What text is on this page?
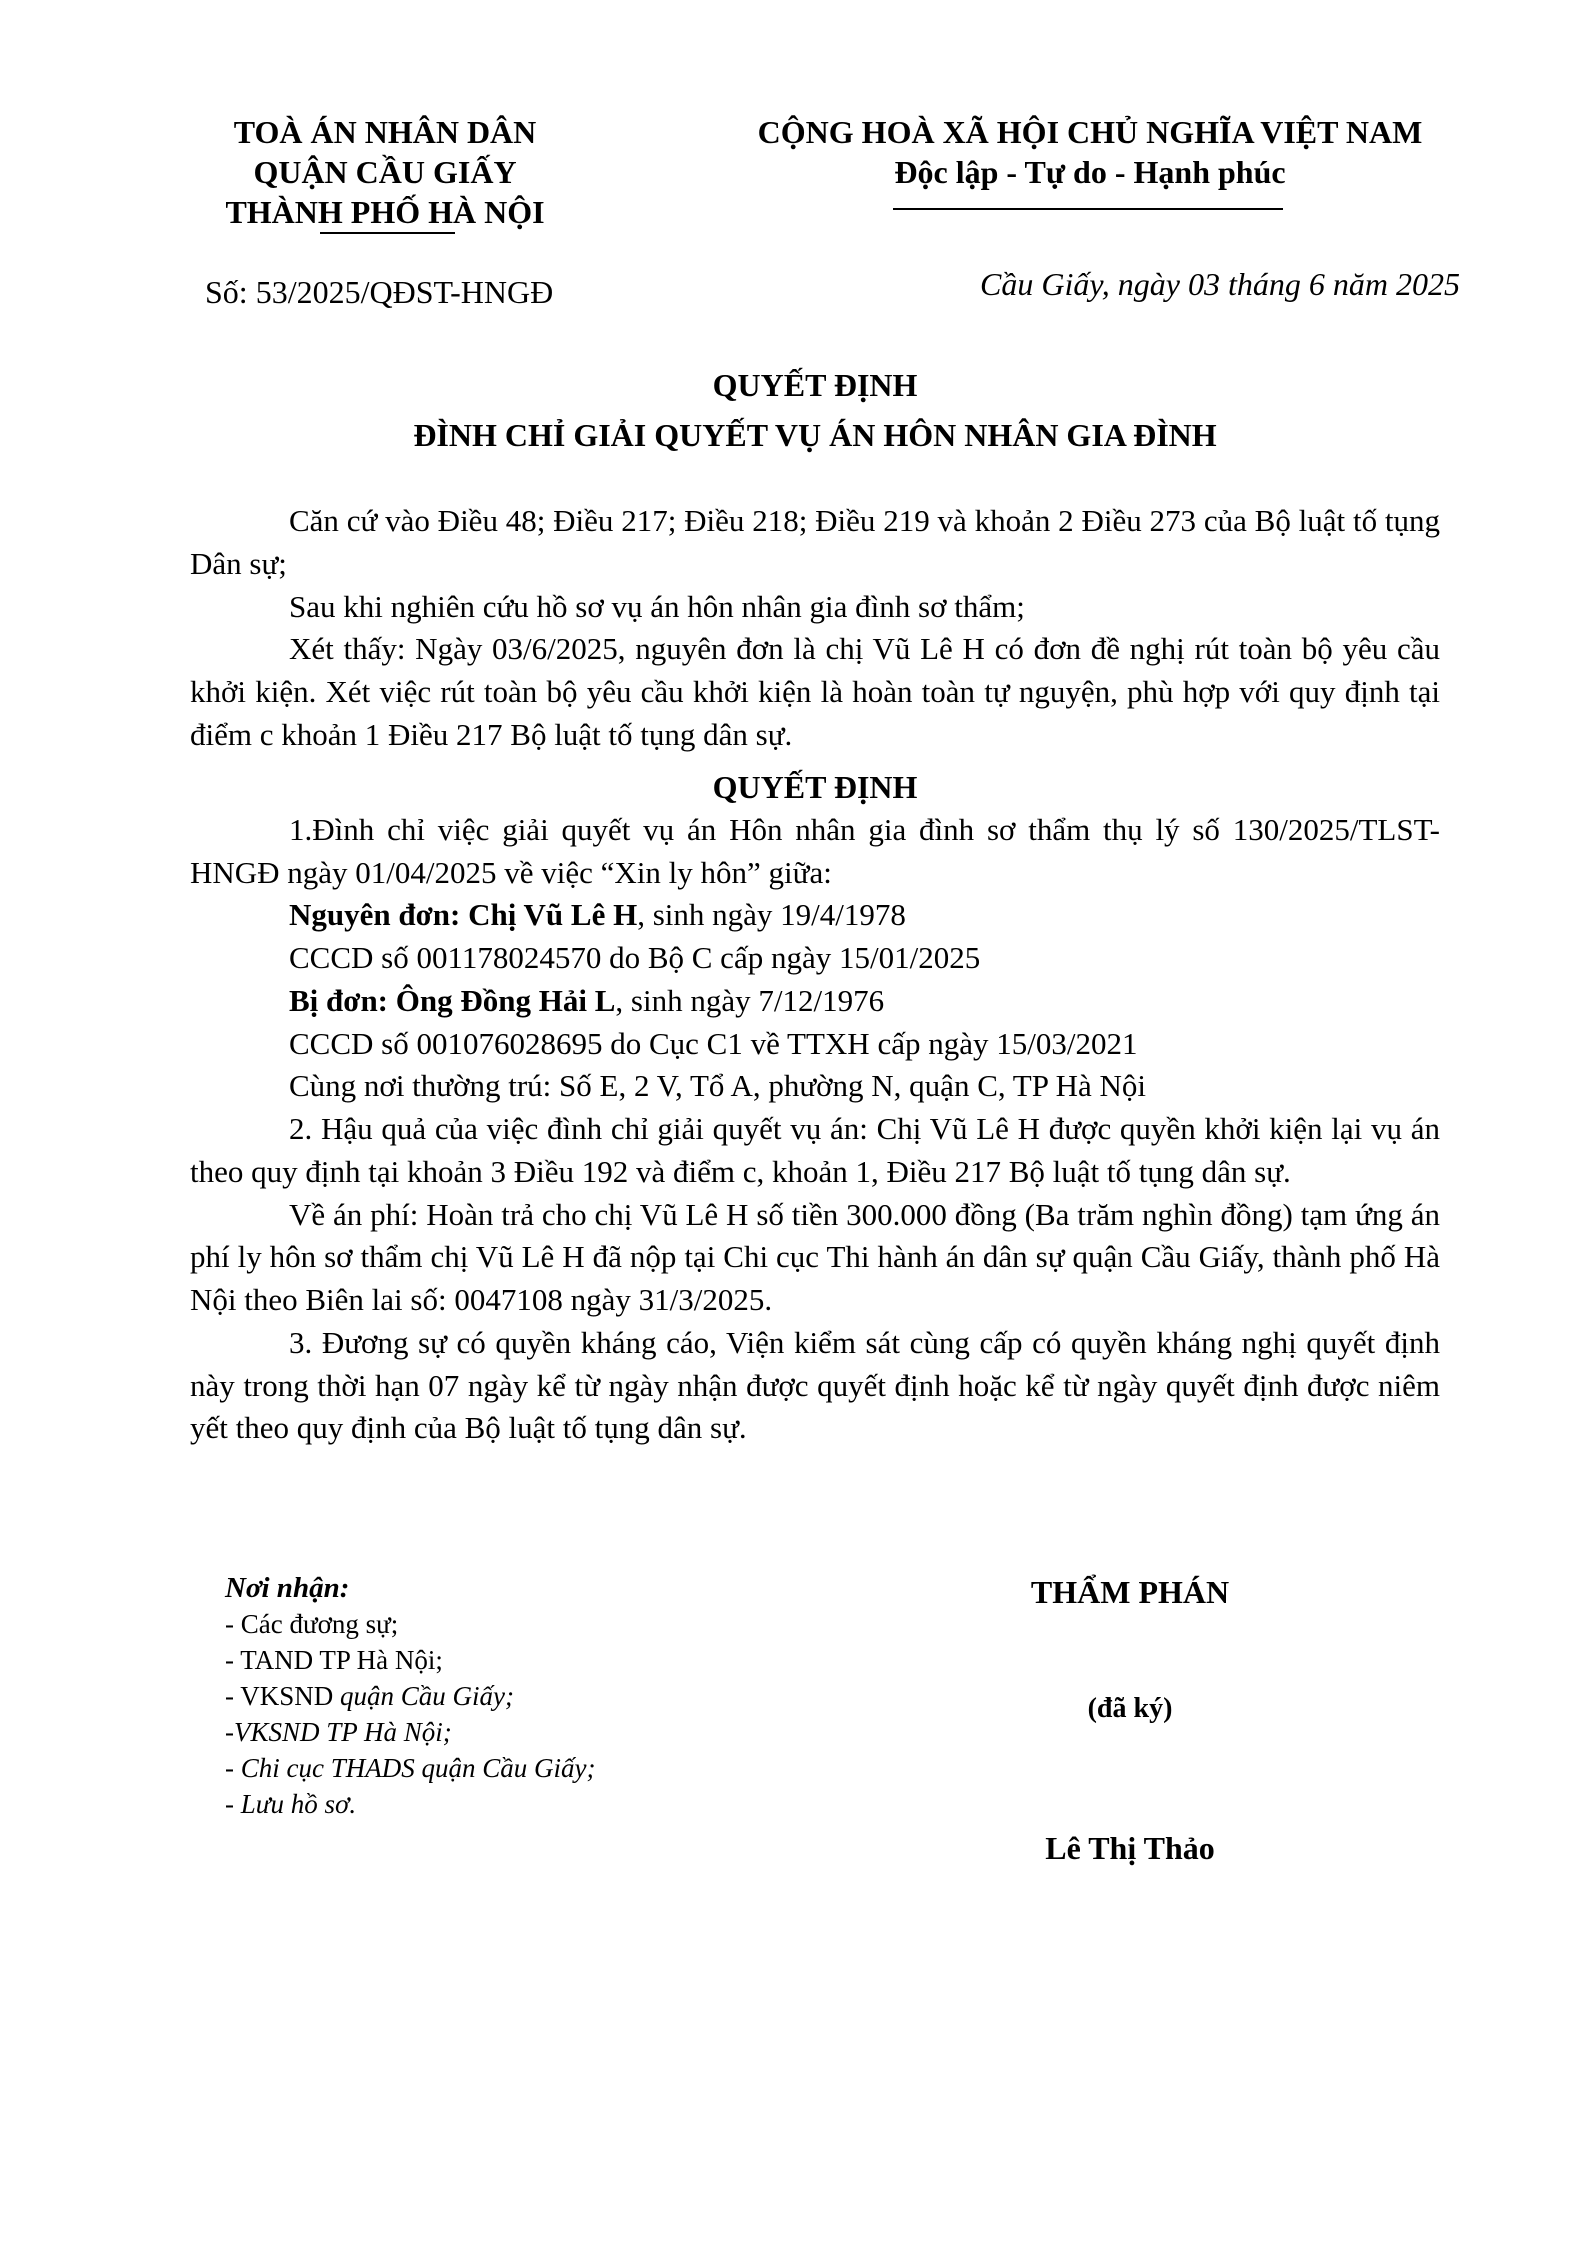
TOÀ ÁN NHÂN DÂN
QUẬN CẦU GIẤY
THÀNH PHỐ HÀ NỘI
CỘNG HOÀ XÃ HỘI CHỦ NGHĨA VIỆT NAM
Độc lập - Tự do - Hạnh phúc
Số: 53/2025/QĐST-HNGĐ	Cầu Giấy, ngày 03 tháng 6 năm 2025
QUYẾT ĐỊNH
ĐÌNH CHỈ GIẢI QUYẾT VỤ ÁN HÔN NHÂN GIA ĐÌNH

Căn cứ vào Điều 48; Điều 217; Điều 218; Điều 219 và khoản 2 Điều 273 của Bộ luật tố tụng Dân sự;

Sau khi nghiên cứu hồ sơ vụ án hôn nhân gia đình sơ thẩm;

Xét thấy: Ngày 03/6/2025, nguyên đơn là chị Vũ Lê H có đơn đề nghị rút toàn bộ yêu cầu khởi kiện. Xét việc rút toàn bộ yêu cầu khởi kiện là hoàn toàn tự nguyện, phù hợp với quy định tại điểm c khoản 1 Điều 217 Bộ luật tố tụng dân sự.

QUYẾT ĐỊNH

1.Đình chỉ việc giải quyết vụ án Hôn nhân gia đình sơ thẩm thụ lý số 130/2025/TLST-HNGĐ ngày 01/04/2025 về việc “Xin ly hôn” giữa:

Nguyên đơn: Chị Vũ Lê H, sinh ngày 19/4/1978

CCCD số 001178024570 do Bộ C cấp ngày 15/01/2025

Bị đơn: Ông Đồng Hải L, sinh ngày 7/12/1976

CCCD số 001076028695 do Cục C1 về TTXH cấp ngày 15/03/2021

Cùng nơi thường trú: Số E, 2 V, Tổ A, phường N, quận C, TP Hà Nội

2. Hậu quả của việc đình chỉ giải quyết vụ án: Chị Vũ Lê H được quyền khởi kiện lại vụ án theo quy định tại khoản 3 Điều 192 và điểm c, khoản 1, Điều 217 Bộ luật tố tụng dân sự.

Về án phí: Hoàn trả cho chị Vũ Lê H số tiền 300.000 đồng (Ba trăm nghìn đồng) tạm ứng án phí ly hôn sơ thẩm chị Vũ Lê H đã nộp tại Chi cục Thi hành án dân sự quận Cầu Giấy, thành phố Hà Nội theo Biên lai số: 0047108 ngày 31/3/2025.

3. Đương sự có quyền kháng cáo, Viện kiểm sát cùng cấp có quyền kháng nghị quyết định này trong thời hạn 07 ngày kể từ ngày nhận được quyết định hoặc kể từ ngày quyết định được niêm yết theo quy định của Bộ luật tố tụng dân sự.

Nơi nhận:
- Các đương sự;
- TAND TP Hà Nội;
- VKSND quận Cầu Giấy;
-VKSND TP Hà Nội;
- Chi cục THADS quận Cầu Giấy;
- Lưu hồ sơ.
THẨM PHÁN
(đã ký)
Lê Thị Thảo
